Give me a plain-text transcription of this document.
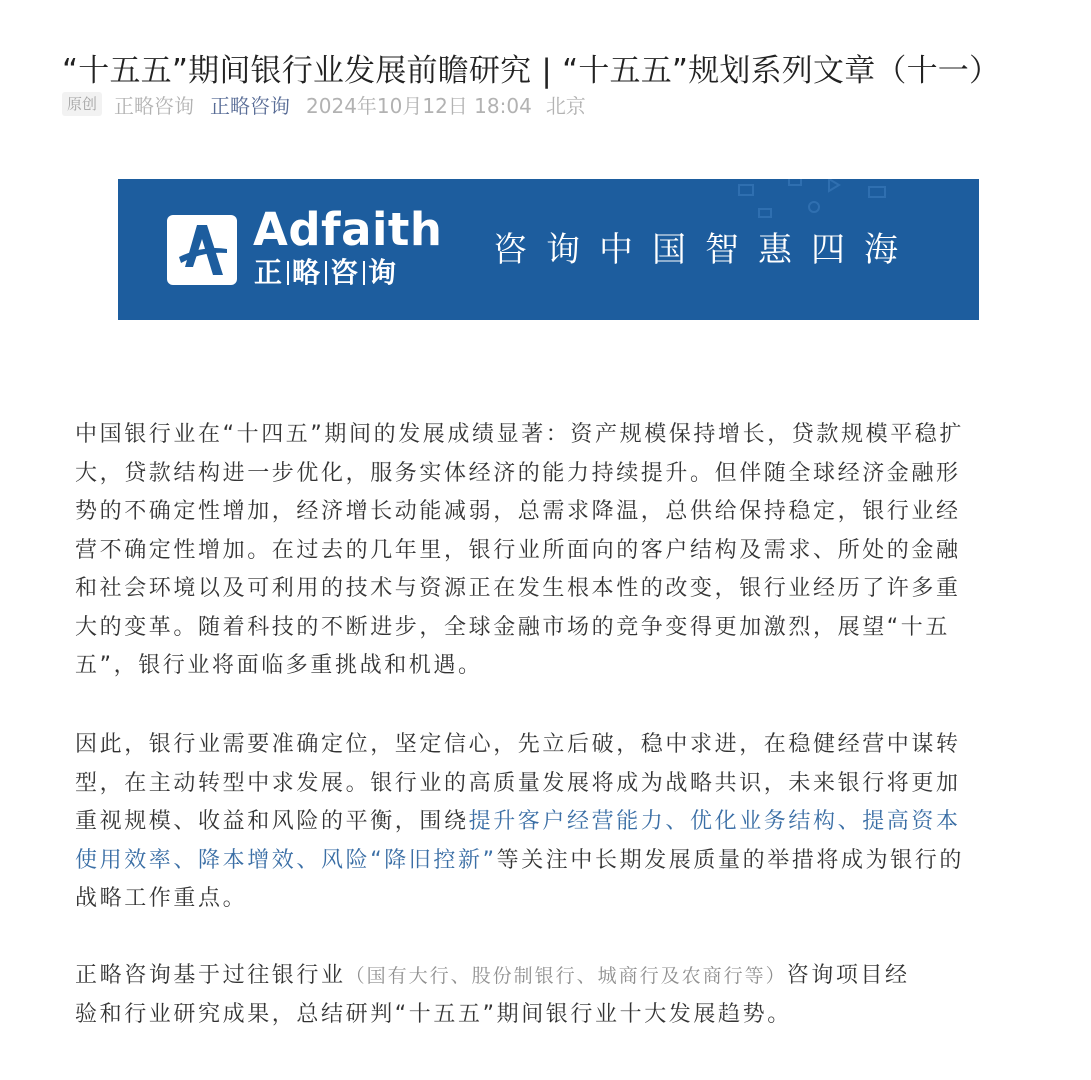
“十五五”期间银行业发展前瞻研究 | “十五五”规划系列文章（十一）
原创 正略咨询 正略咨询 2024年10月12日 18:04 北京
Adfaith
正 略 咨 询
咨询中国智惠四海

中国银行业在“十四五”期间的发展成绩显著：资产规模保持增长，贷款规模平稳扩
大，贷款结构进一步优化，服务实体经济的能力持续提升。但伴随全球经济金融形
势的不确定性增加，经济增长动能减弱，总需求降温，总供给保持稳定，银行业经
营不确定性增加。在过去的几年里，银行业所面向的客户结构及需求、所处的金融
和社会环境以及可利用的技术与资源正在发生根本性的改变，银行业经历了许多重
大的变革。随着科技的不断进步，全球金融市场的竞争变得更加激烈，展望“十五
五”，银行业将面临多重挑战和机遇。

因此，银行业需要准确定位，坚定信心，先立后破，稳中求进，在稳健经营中谋转
型，在主动转型中求发展。银行业的高质量发展将成为战略共识，未来银行将更加
重视规模、收益和风险的平衡，围绕提升客户经营能力、优化业务结构、提高资本
使用效率、降本增效、风险“降旧控新”等关注中长期发展质量的举措将成为银行的
战略工作重点。

正略咨询基于过往银行业（国有大行、股份制银行、城商行及农商行等）咨询项目经
验和行业研究成果，总结研判“十五五”期间银行业十大发展趋势。
